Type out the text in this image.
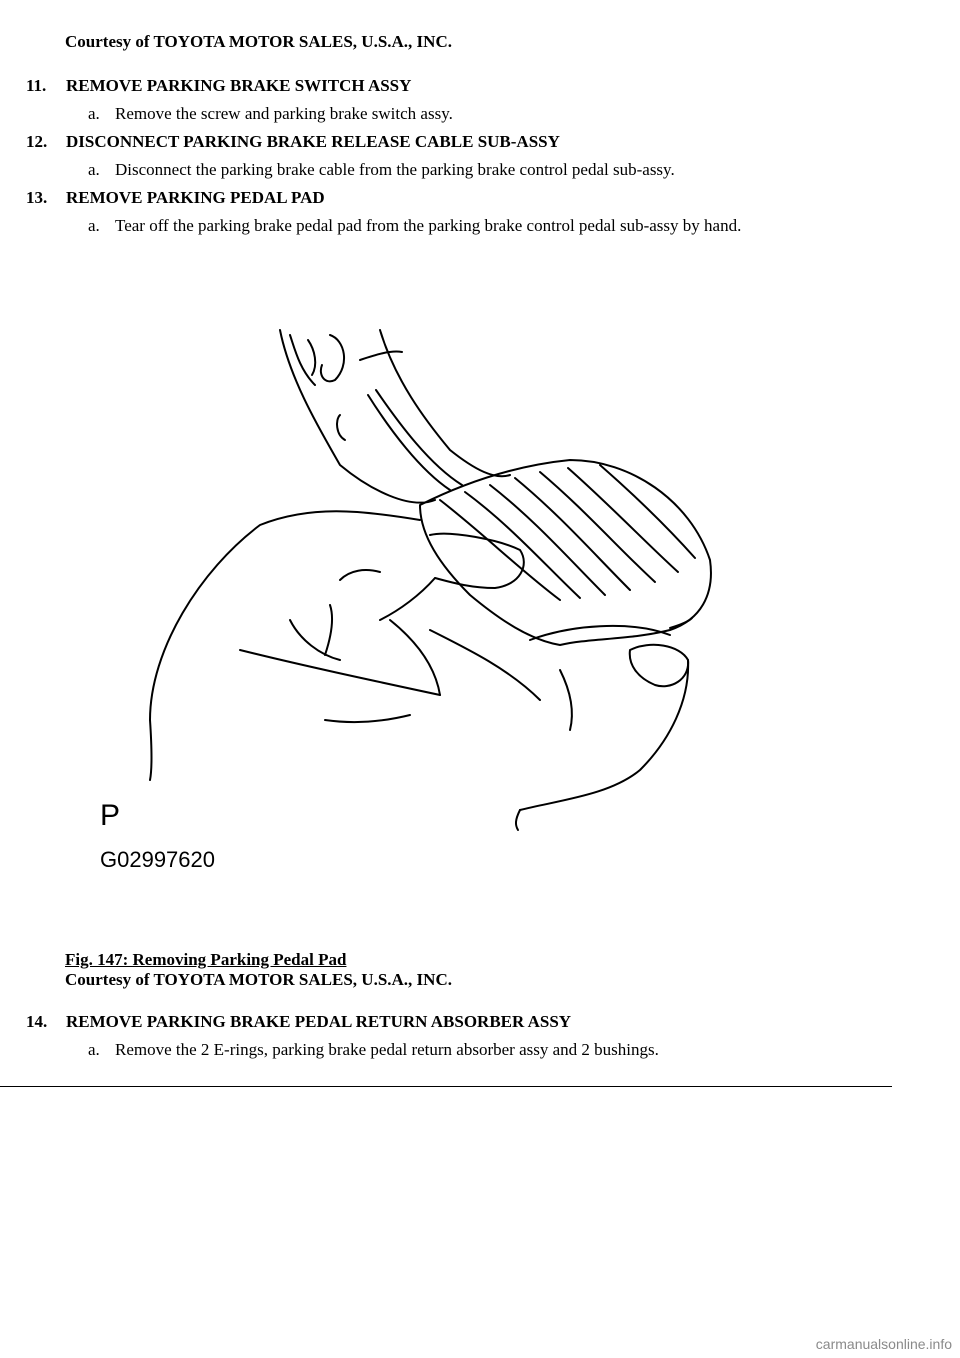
Courtesy of TOYOTA MOTOR SALES, U.S.A., INC.
11. REMOVE PARKING BRAKE SWITCH ASSY
a. Remove the screw and parking brake switch assy.
12. DISCONNECT PARKING BRAKE RELEASE CABLE SUB-ASSY
a. Disconnect the parking brake cable from the parking brake control pedal sub-assy.
13. REMOVE PARKING PEDAL PAD
a. Tear off the parking brake pedal pad from the parking brake control pedal sub-assy by hand.
P
G02997620
Fig. 147: Removing Parking Pedal Pad
Courtesy of TOYOTA MOTOR SALES, U.S.A., INC.
14. REMOVE PARKING BRAKE PEDAL RETURN ABSORBER ASSY
a. Remove the 2 E-rings, parking brake pedal return absorber assy and 2 bushings.
carmanualsonline.info
